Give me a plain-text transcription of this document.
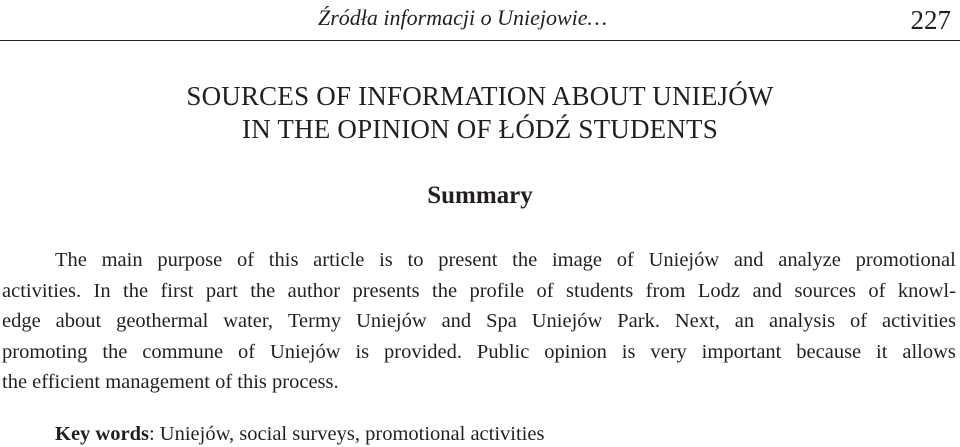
Źródła informacji o Uniejowie…	227
SOURCES OF INFORMATION ABOUT UNIEJÓW
IN THE OPINION OF ŁÓDŹ STUDENTS
Summary
The main purpose of this article is to present the image of Uniejów and analyze promotional
activities. In the first part the author presents the profile of students from Lodz and sources of knowl-
edge about geothermal water, Termy Uniejów and Spa Uniejów Park. Next, an analysis of activities
promoting the commune of Uniejów is provided. Public opinion is very important because it allows
the efficient management of this process.
Key words: Uniejów, social surveys, promotional activities
